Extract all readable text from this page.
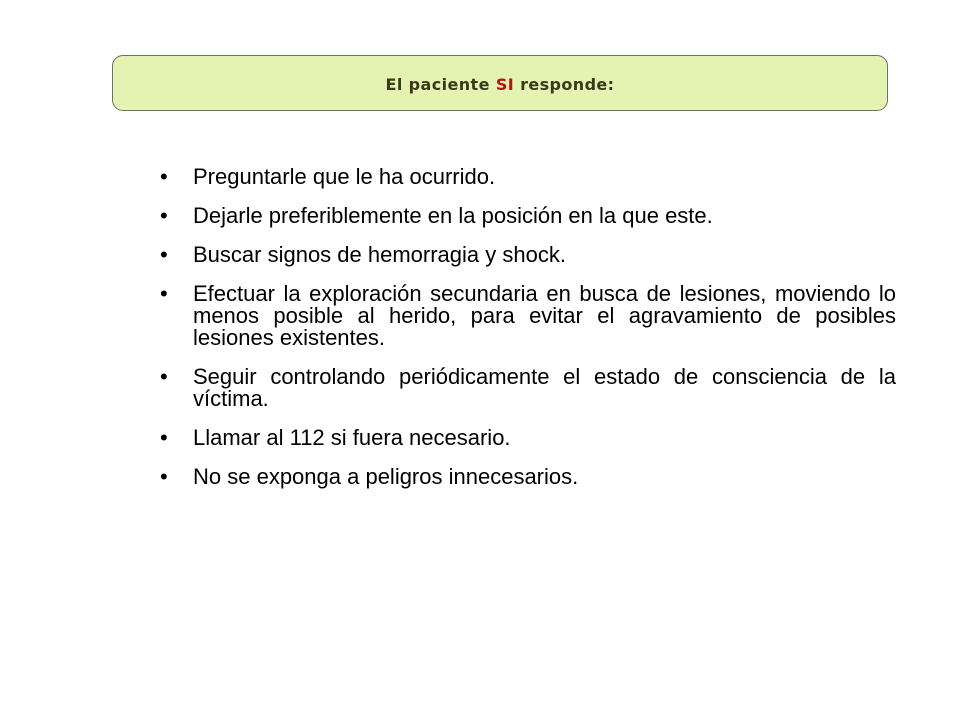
El paciente SI responde:
• Preguntarle que le ha ocurrido.
• Dejarle preferiblemente en la posición en la que este.
• Buscar signos de hemorragia y shock.
• Efectuar la exploración secundaria en busca de lesiones, moviendo lo menos posible al herido, para evitar el agravamiento de posibles lesiones existentes.
• Seguir controlando periódicamente el estado de consciencia de la víctima.
• Llamar al 112 si fuera necesario.
• No se exponga a peligros innecesarios.
